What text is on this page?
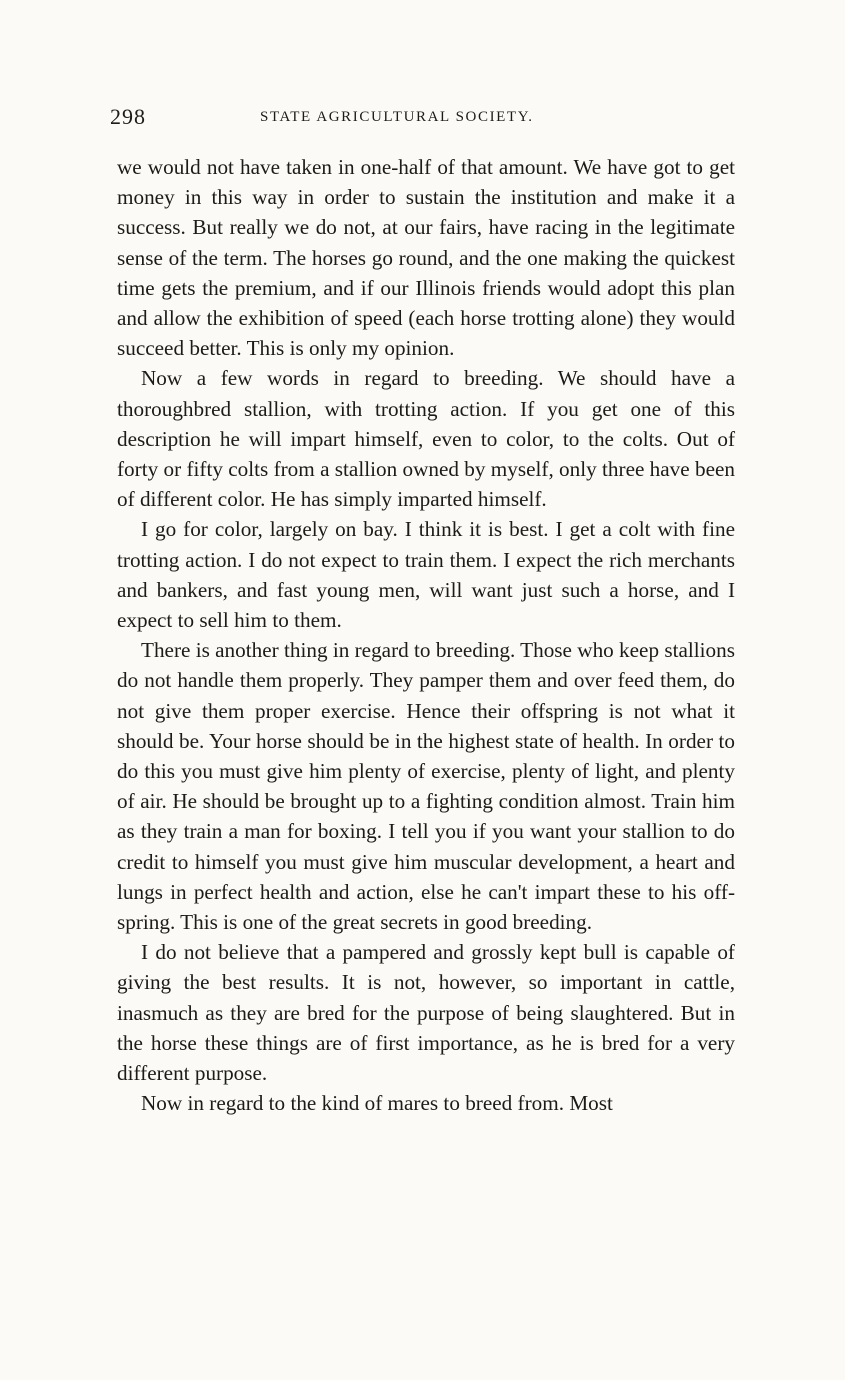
298	STATE AGRICULTURAL SOCIETY.

we would not have taken in one-half of that amount. We have got to get money in this way in order to sustain the institution and make it a success. But really we do not, at our fairs, have racing in the legitimate sense of the term. The horses go round, and the one making the quickest time gets the premium, and if our Illinois friends would adopt this plan and allow the exhibition of speed (each horse trotting alone) they would succeed better. This is only my opinion.

Now a few words in regard to breeding. We should have a thoroughbred stallion, with trotting action. If you get one of this description he will impart himself, even to color, to the colts. Out of forty or fifty colts from a stallion owned by myself, only three have been of different color. He has simply imparted himself.

I go for color, largely on bay. I think it is best. I get a colt with fine trotting action. I do not expect to train them. I expect the rich merchants and bankers, and fast young men, will want just such a horse, and I expect to sell him to them.

There is another thing in regard to breeding. Those who keep stallions do not handle them properly. They pamper them and over feed them, do not give them proper exercise. Hence their offspring is not what it should be. Your horse should be in the highest state of health. In order to do this you must give him plenty of exercise, plenty of light, and plenty of air. He should be brought up to a fighting condition almost. Train him as they train a man for boxing. I tell you if you want your stallion to do credit to himself you must give him muscular development, a heart and lungs in perfect health and action, else he can't impart these to his offspring. This is one of the great secrets in good breeding.

I do not believe that a pampered and grossly kept bull is capable of giving the best results. It is not, however, so important in cattle, inasmuch as they are bred for the purpose of being slaughtered. But in the horse these things are of first importance, as he is bred for a very different purpose.

Now in regard to the kind of mares to breed from. Most
